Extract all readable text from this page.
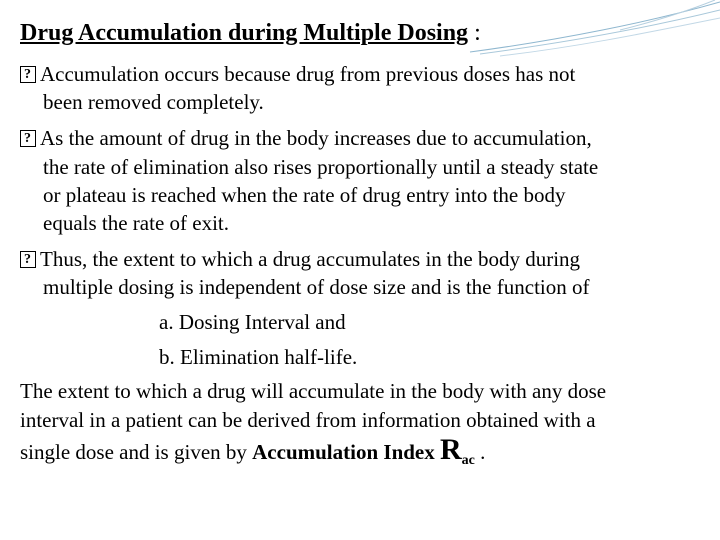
Drug Accumulation during Multiple Dosing :
?Accumulation occurs because drug from previous doses has not
been removed completely.
?As the amount of drug in the body increases due to accumulation,
the rate of elimination also rises proportionally until a steady state
or plateau is reached when the rate of drug entry into the body
equals the rate of exit.
?Thus, the extent to which a drug accumulates in the body during
multiple dosing is independent of dose size and is the function of
a. Dosing Interval and
b. Elimination half-life.
The extent to which a drug will accumulate in the body with any dose
interval in a patient can be derived from information obtained with a
single dose and is given by Accumulation Index $R_{ac}$ .
